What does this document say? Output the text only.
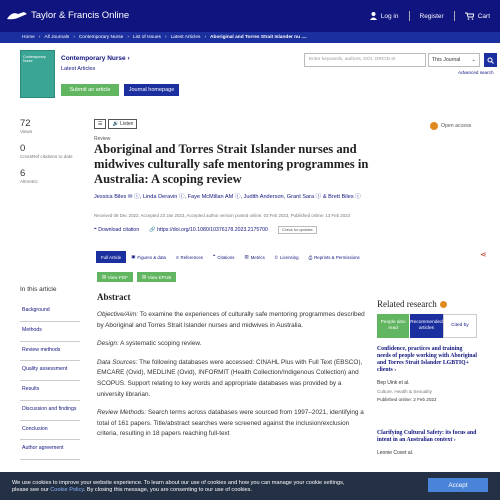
Taylor & Francis Online	Log in	Register	Cart
Home › All Journals › Contemporary Nurse › List of Issues › Latest Articles › Aboriginal and Torres Strait Islander nu ....
Contemporary Nurse	Contemporary Nurse ›
Latest Articles
Submit an article	Journal homepage
Enter keywords, authors, DOI, ORCID et	This Journal ⌄
Advanced search
72
Views
0
CrossRef citations to date
6
Altmetric
☰ 🔊
Listen	Open access
Review
Aboriginal and Torres Strait Islander nurses and midwives culturally safe mentoring programmes in Australia: A scoping review
Jessica Biles ✉ ⓘ, Linda Deravin ⓘ, Faye McMillan AM ⓘ, Judith Anderson, Grant Sara ⓘ & Brett Biles ⓘ
Received 06 Dec 2022, Accepted 23 Jan 2023, Accepted author version posted online: 03 Feb 2023, Published online: 13 Feb 2023
❝ Download citation 🔗 https://doi.org/10.1080/10376178.2023.2175700	Check for updates
⋖
Full Article	▣ Figures & data ≡ References ❝ Citations ▥ Metrics © Licensing ⎙ Reprints & Permissions
▤
View PDF	▤
View EPUB
In this article
Background
Methods
Review methods
Quality assessment
Results
Discussion and findings
Conclusion
Author agreement
Abstract

Objective/Aim: To examine the experiences of culturally safe mentoring programmes described by Aboriginal and Torres Strait Islander nurses and midwives in Australia.

Design: A systematic scoping review.

Data Sources: The following databases were accessed: CINAHL Plus with Full Text (EBSCO), EMCARE (Ovid), MEDLINE (Ovid), INFORMIT (Health Collection/Indigenous Collection) and SCOPUS. Support relating to key words and appropriate databases was provided by a university librarian.

Review Methods: Search terms across databases were sourced from 1997–2021, identifying a total of 161 papers. Title/abstract searches were screened against the inclusion/exclusion criteria, resulting in 18 papers reaching full-text

Related research
People also read
Recommended articles
Cited by
Confidence, practices and training needs of people working with Aboriginal and Torres Strait Islander LGBTIQ+ clients ›
Bep Uink et al.
Culture, Health & Sexuality
Published online: 2 Feb 2022
Clarifying Cultural Safety: its focus and intent in an Australian context ›
Leonie Coxet al.
We use cookies to improve your website experience. To learn about our use of cookies and how you can manage your cookie settings,
please see our Cookie Policy. By closing this message, you are consenting to our use of cookies.
Accept
